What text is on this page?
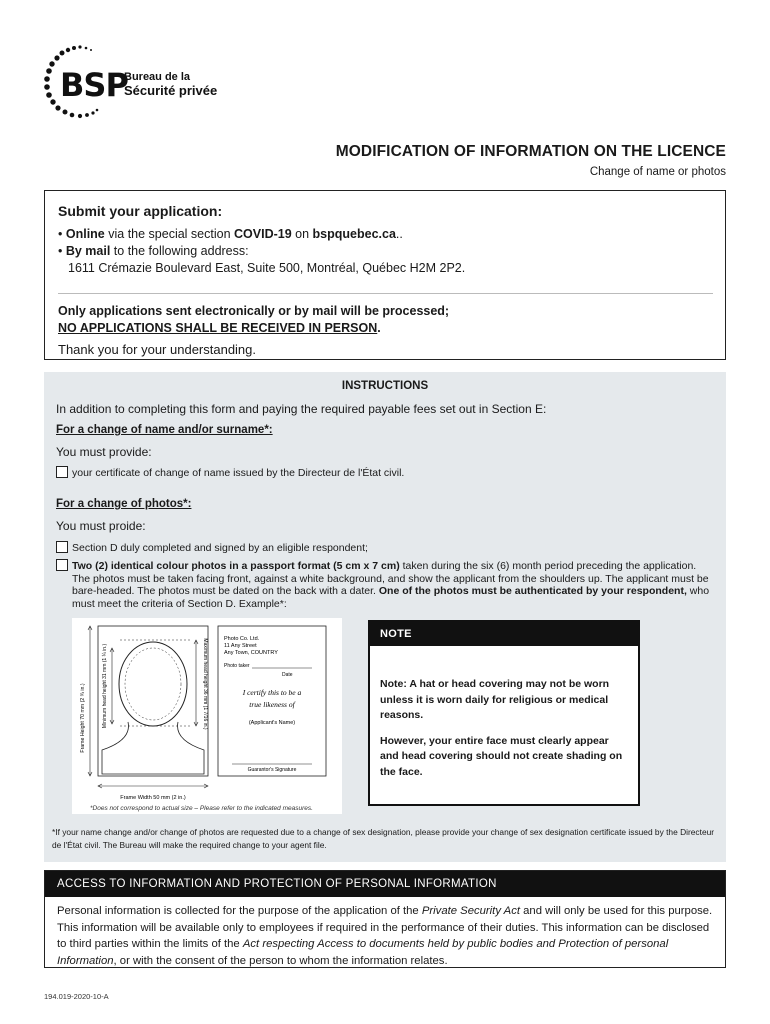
BSP
Bureau de la
Sécurité privée
MODIFICATION OF INFORMATION ON THE LICENCE
Change of name or photos
Submit your application:
• Online via the special section COVID-19 on bspquebec.ca..
• By mail to the following address:
1611 Crémazie Boulevard East, Suite 500, Montréal, Québec H2M 2P2.
Only applications sent electronically or by mail will be processed;
NO APPLICATIONS SHALL BE RECEIVED IN PERSON.
Thank you for your understanding.
INSTRUCTIONS
In addition to completing this form and paying the required payable fees set out in Section E:
For a change of name and/or surname*:
You must provide:
your certificate of change of name issued by the Directeur de l'État civil.
For a change of photos*:
You must proide:
Section D duly completed and signed by an eligible respondent;
Two (2) identical colour photos in a passport format (5 cm x 7 cm) taken during the six (6) month period preceding the application. The photos must be taken facing front, against a white background, and show the applicant from the shoulders up. The applicant must be bare-headed. The photos must be dated on the back with a dater. One of the photos must be authenticated by your respondent, who must meet the criteria of Section D. Example*:
Frame Height 70 mm (2 ¾ in.)	Minimum head height 31 mm (1 ¼ in.)	Maximum head height 36 mm (1 7/16 in.)
Frame Width 50 mm (2 in.)
Photo Co. Ltd.
11 Any Street
Any Town, COUNTRY
Photo taker
Date
I certify this to be a
true likeness of
(Applicant's Name)
Guarantor's Signature
*Does not correspond to actual size – Please refer to the indicated measures.
NOTE

Note: A hat or head covering may not be worn unless it is worn daily for religious or medical reasons.

However, your entire face must clearly appear and head covering should not create shading on the face.

*If your name change and/or change of photos are requested due to a change of sex designation, please provide your change of sex designation certificate issued by the Directeur de l'État civil. The Bureau will make the required change to your agent file.
ACCESS TO INFORMATION AND PROTECTION OF PERSONAL INFORMATION
Personal information is collected for the purpose of the application of the Private Security Act and will only be used for this purpose. This information will be available only to employees if required in the performance of their duties. This information can be disclosed to third parties within the limits of the Act respecting Access to documents held by public bodies and Protection of personal Information, or with the consent of the person to whom the information relates.
194.019-2020-10-A
